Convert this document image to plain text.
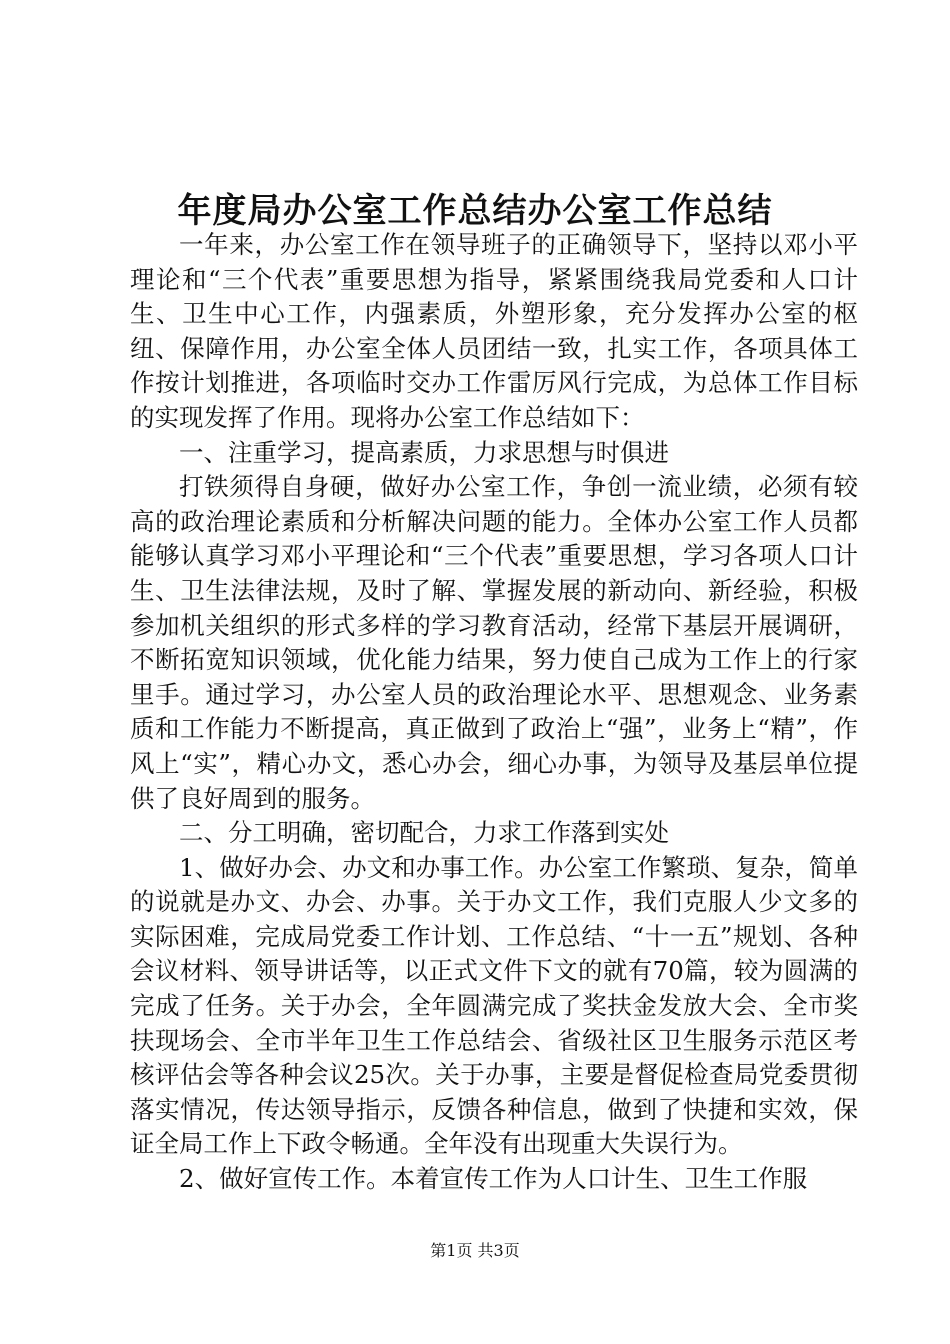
年度局办公室工作总结办公室工作总结

一年来，办公室工作在领导班子的正确领导下，坚持以邓小平理论和“三个代表”重要思想为指导，紧紧围绕我局党委和人口计生、卫生中心工作，内强素质，外塑形象，充分发挥办公室的枢纽、保障作用，办公室全体人员团结一致，扎实工作，各项具体工作按计划推进，各项临时交办工作雷厉风行完成，为总体工作目标的实现发挥了作用。现将办公室工作总结如下：

一、注重学习，提高素质，力求思想与时俱进

打铁须得自身硬，做好办公室工作，争创一流业绩，必须有较高的政治理论素质和分析解决问题的能力。全体办公室工作人员都能够认真学习邓小平理论和“三个代表”重要思想，学习各项人口计生、卫生法律法规，及时了解、掌握发展的新动向、新经验，积极参加机关组织的形式多样的学习教育活动，经常下基层开展调研，不断拓宽知识领域，优化能力结果，努力使自己成为工作上的行家里手。通过学习，办公室人员的政治理论水平、思想观念、业务素质和工作能力不断提高，真正做到了政治上“强”，业务上“精”，作风上“实”，精心办文，悉心办会，细心办事，为领导及基层单位提供了良好周到的服务。

二、分工明确，密切配合，力求工作落到实处

1、做好办会、办文和办事工作。办公室工作繁琐、复杂，简单的说就是办文、办会、办事。关于办文工作，我们克服人少文多的实际困难，完成局党委工作计划、工作总结、“十一五”规划、各种会议材料、领导讲话等，以正式文件下文的就有70篇，较为圆满的完成了任务。关于办会，全年圆满完成了奖扶金发放大会、全市奖扶现场会、全市半年卫生工作总结会、省级社区卫生服务示范区考核评估会等各种会议25次。关于办事，主要是督促检查局党委贯彻落实情况，传达领导指示，反馈各种信息，做到了快捷和实效，保证全局工作上下政令畅通。全年没有出现重大失误行为。

2、做好宣传工作。本着宣传工作为人口计生、卫生工作服

第1页 共3页
